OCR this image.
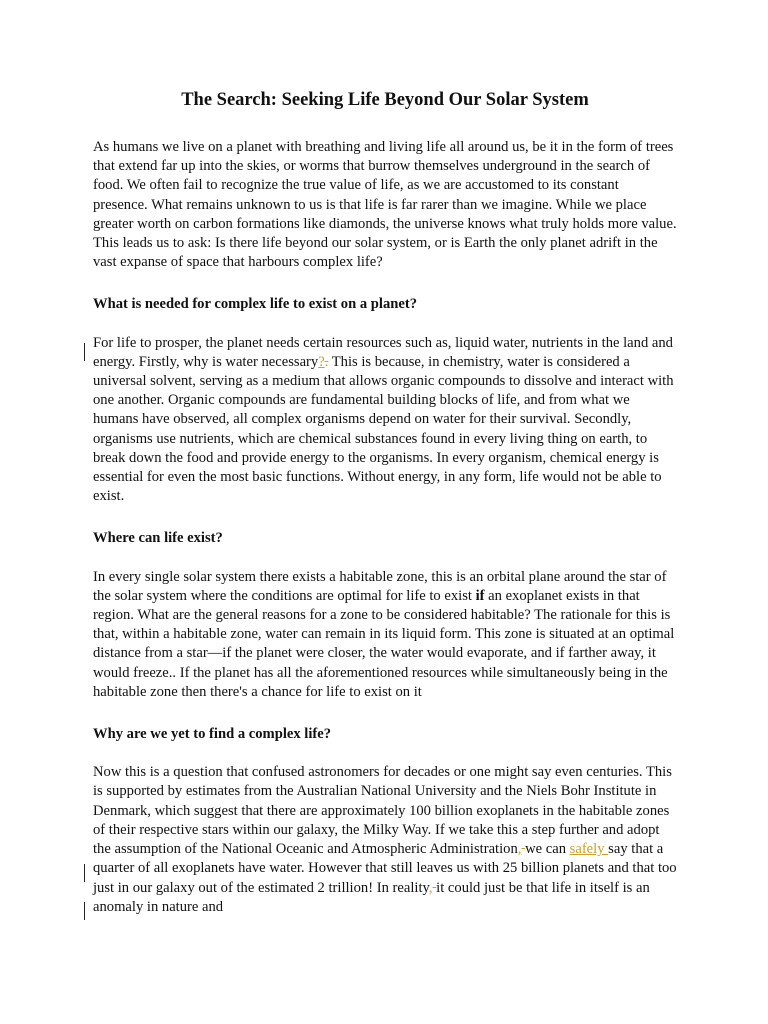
The Search: Seeking Life Beyond Our Solar System

As humans we live on a planet with breathing and living life all around us, be it in the form of trees that extend far up into the skies, or worms that burrow themselves underground in the search of food. We often fail to recognize the true value of life, as we are accustomed to its constant presence. What remains unknown to us is that life is far rarer than we imagine. While we place greater worth on carbon formations like diamonds, the universe knows what truly holds more value. This leads us to ask: Is there life beyond our solar system, or is Earth the only planet adrift in the vast expanse of space that harbours complex life?

What is needed for complex life to exist on a planet?

For life to prosper, the planet needs certain resources such as, liquid water, nutrients in the land and energy. Firstly, why is water necessary?. This is because, in chemistry, water is considered a universal solvent, serving as a medium that allows organic compounds to dissolve and interact with one another. Organic compounds are fundamental building blocks of life, and from what we humans have observed, all complex organisms depend on water for their survival. Secondly, organisms use nutrients, which are chemical substances found in every living thing on earth, to break down the food and provide energy to the organisms. In every organism, chemical energy is essential for even the most basic functions. Without energy, in any form, life would not be able to exist.

Where can life exist?

In every single solar system there exists a habitable zone, this is an orbital plane around the star of the solar system where the conditions are optimal for life to exist if an exoplanet exists in that region. What are the general reasons for a zone to be considered habitable? The rationale for this is that, within a habitable zone, water can remain in its liquid form. This zone is situated at an optimal distance from a star—if the planet were closer, the water would evaporate, and if farther away, it would freeze.. If the planet has all the aforementioned resources while simultaneously being in the habitable zone then there's a chance for life to exist on it

Why are we yet to find a complex life?

Now this is a question that confused astronomers for decades or one might say even centuries. This is supported by estimates from the Australian National University and the Niels Bohr Institute in Denmark, which suggest that there are approximately 100 billion exoplanets in the habitable zones of their respective stars within our galaxy, the Milky Way. If we take this a step further and adopt the assumption of the National Oceanic and Atmospheric Administration, we can safely say that a quarter of all exoplanets have water. However that still leaves us with 25 billion planets and that too just in our galaxy out of the estimated 2 trillion! In reality, it could just be that life in itself is an anomaly in nature and
